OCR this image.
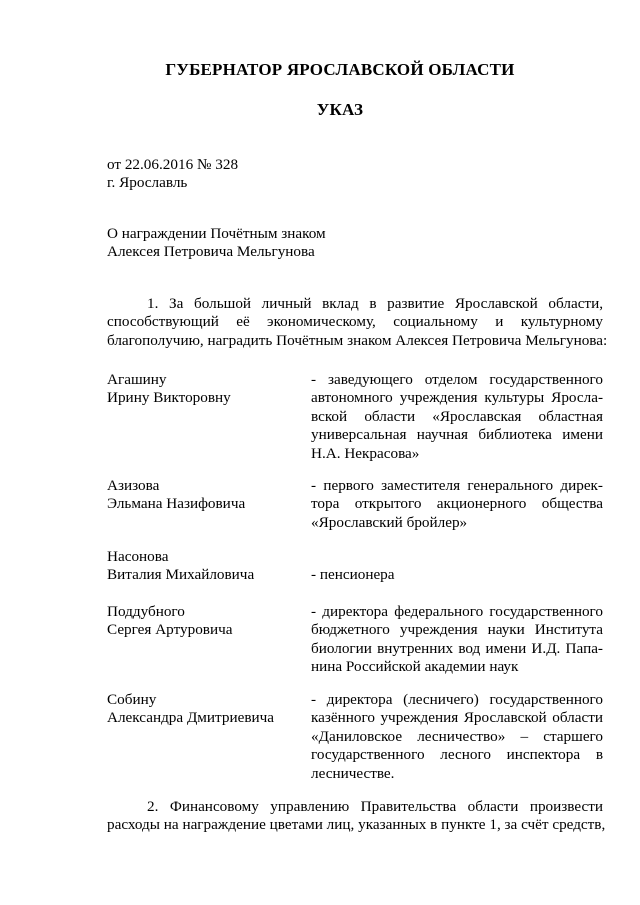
ГУБЕРНАТОР ЯРОСЛАВСКОЙ ОБЛАСТИ
УКАЗ
от 22.06.2016 № 328
г. Ярославль
О награждении Почётным знаком
Алексея Петровича Мельгунова
1. За большой личный вклад в развитие Ярославской области,
способствующий её экономическому, социальному и культурному
благополучию, наградить Почётным знаком Алексея Петровича Мельгунова:
Агашину
Ирину Викторовну
- заведующего отделом государственного
автономного учреждения культуры Яросла-
вской области «Ярославская областная
универсальная научная библиотека имени
Н.А. Некрасова»
Азизова
Эльмана Назифовича
- первого заместителя генерального дирек-
тора открытого акционерного общества
«Ярославский бройлер»
Насонова
Виталия Михайловича	- пенсионера
Поддубного
Сергея Артуровича
- директора федерального государственного
бюджетного учреждения науки Института
биологии внутренних вод имени И.Д. Папа-
нина Российской академии наук
Собину
Александра Дмитриевича
- директора (лесничего) государственного
казённого учреждения Ярославской области
«Даниловское лесничество» – старшего
государственного лесного инспектора в
лесничестве.
2. Финансовому управлению Правительства области произвести
расходы на награждение цветами лиц, указанных в пункте 1, за счёт средств,
